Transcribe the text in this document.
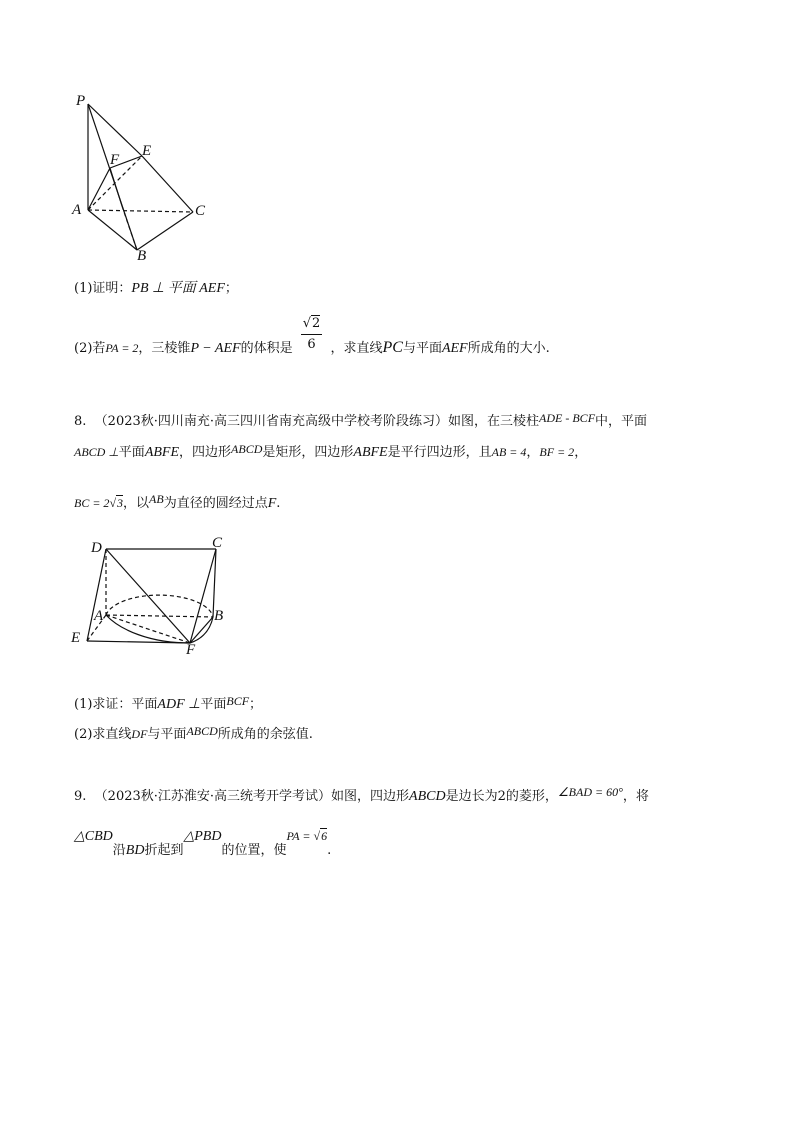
P
E
F
A	C
B
(1)证明：PB ⊥ 平面 AEF；
(2)若PA = 2，三棱锥P − AEF的体积是 $\frac{√2}{6}$ ，求直线PC与平面AEF所成角的大小.
8. （2023秋·四川南充·高三四川省南充高级中学校考阶段练习）如图，在三棱柱ADE - BCF中，平面
ABCD ⊥平面ABFE，四边形ABCD是矩形，四边形ABFE是平行四边形，且AB = 4，BF = 2，
BC = 2√3，以AB为直径的圆经过点F.
D	C
A	B
E
F
(1)求证：平面ADF ⊥平面BCF；
(2)求直线DF与平面ABCD所成角的余弦值.
9. （2023秋·江苏淮安·高三统考开学考试）如图，四边形ABCD是边长为2的菱形，∠BAD = 60°，将
△CBD沿BD折起到△PBD的位置，使PA = √6.
